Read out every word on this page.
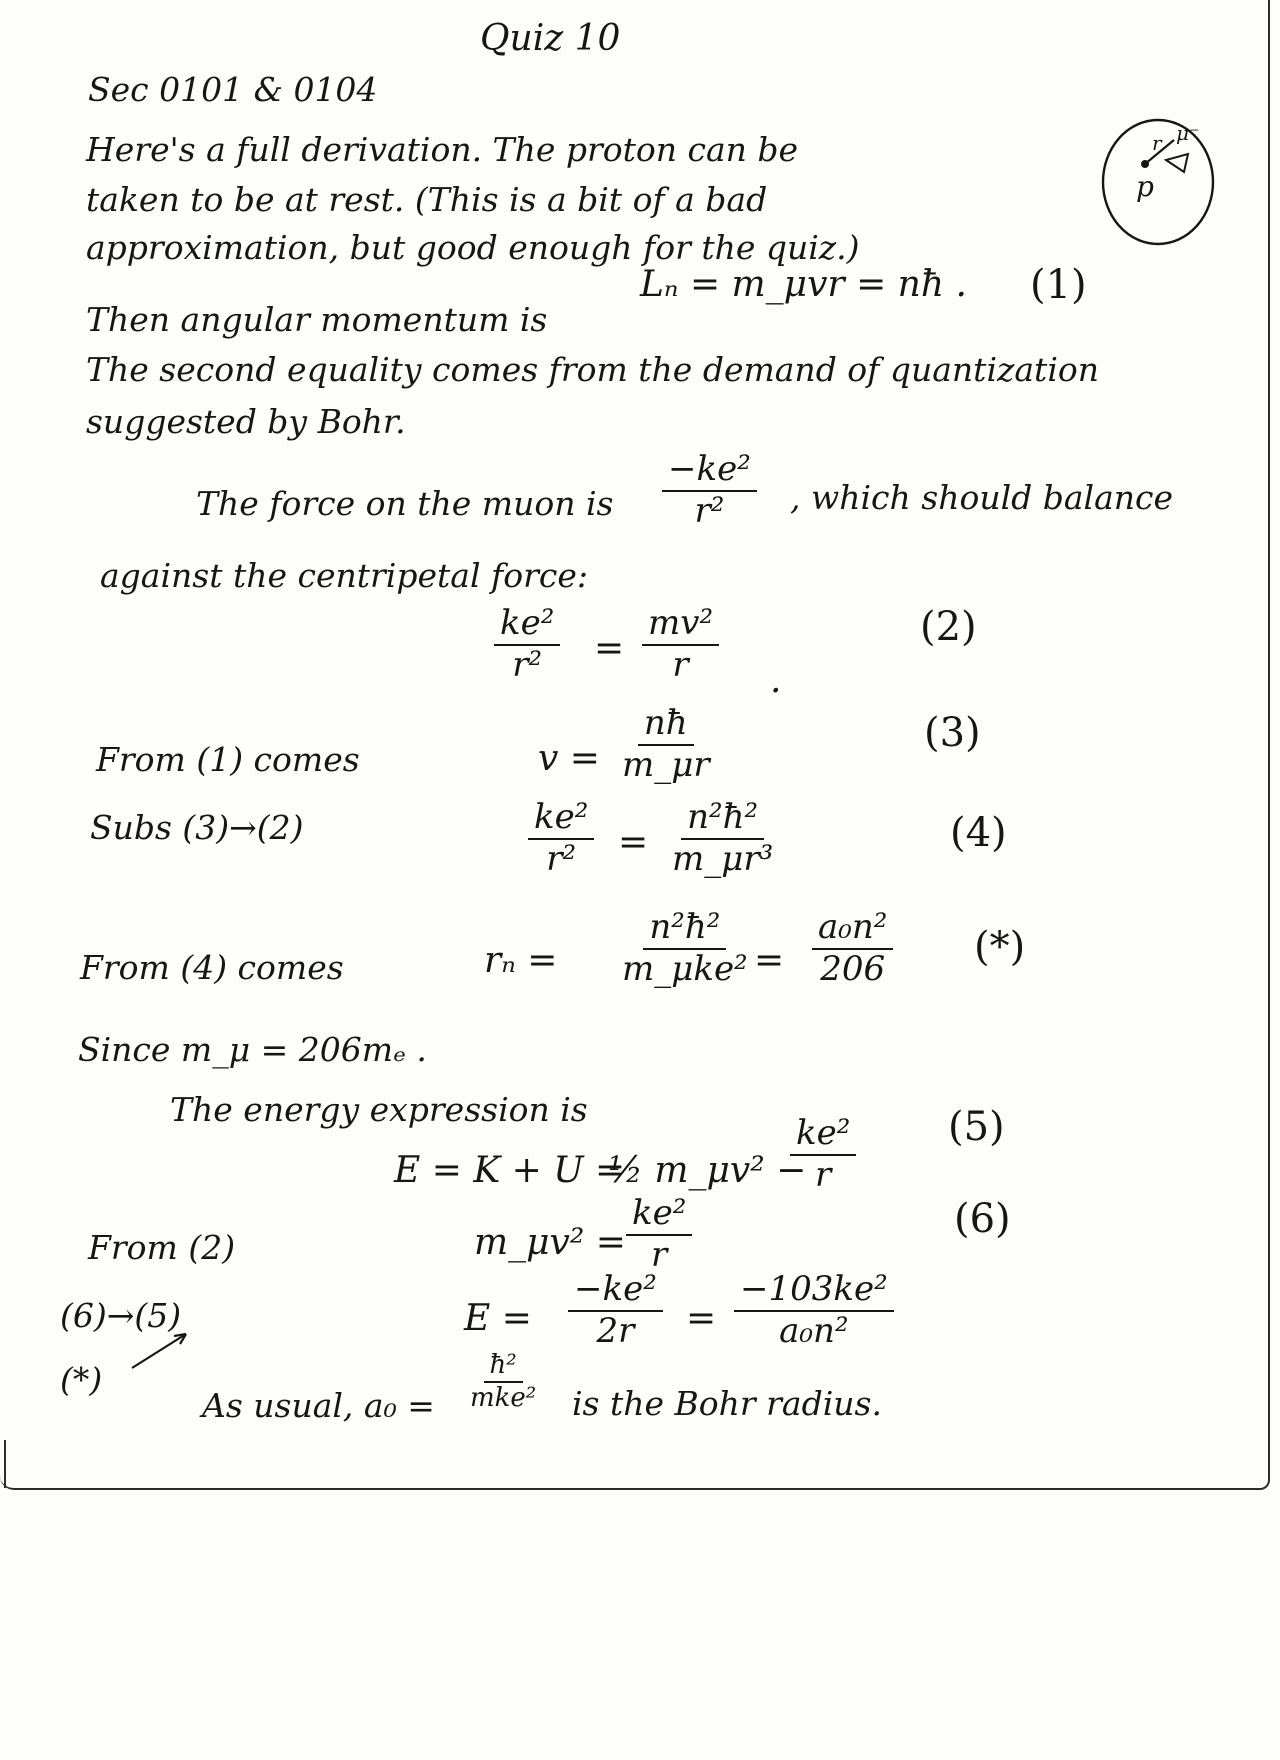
Quiz 10
Sec 0101 & 0104
r
p
μ⁻
Here's a full derivation. The proton can be
taken to be at rest. (This is a bit of a bad
approximation, but good enough for the quiz.)
Then angular momentum is
Lₙ = m_μvr = nħ . (1)
The second equality comes from the demand of quantization
suggested by Bohr.
The force on the muon is $\frac{\text{−ke²}}{\text{r²}}$ , which should balance
against the centripetal force:
$\frac{\text{ke²}}{\text{r²}} = \frac{\text{mv²}}{r}$ .
(2)
From (1) comes	$v = \frac{nħ}{m\_\mu r}$	(3)
Subs (3)→(2)	$\frac{\text{ke²}}{\text{r²}} = \frac{\text{n²ħ²}}{\text{m\_μr³}}$	(4)
From (4) comes	rₙ =
n²ħ²
m_μke² = $\frac{\text{a₀n²}}{206}$ (*)
Since m_μ = 206mₑ .
The energy expression is
E = K + U =
½ m_μv² −
$\frac{\text{ke²}}{r} (5)$
From (2)	m_μv² = $\frac{\text{ke²}}{r}$	(6)
(6)→(5)
(*)
$E = \frac{\text{−ke²}}{2r} = \frac{\text{−103ke²}}{\text{a₀n²}}$
As usual, a₀ =
ħ²
mke² is the Bohr radius.
